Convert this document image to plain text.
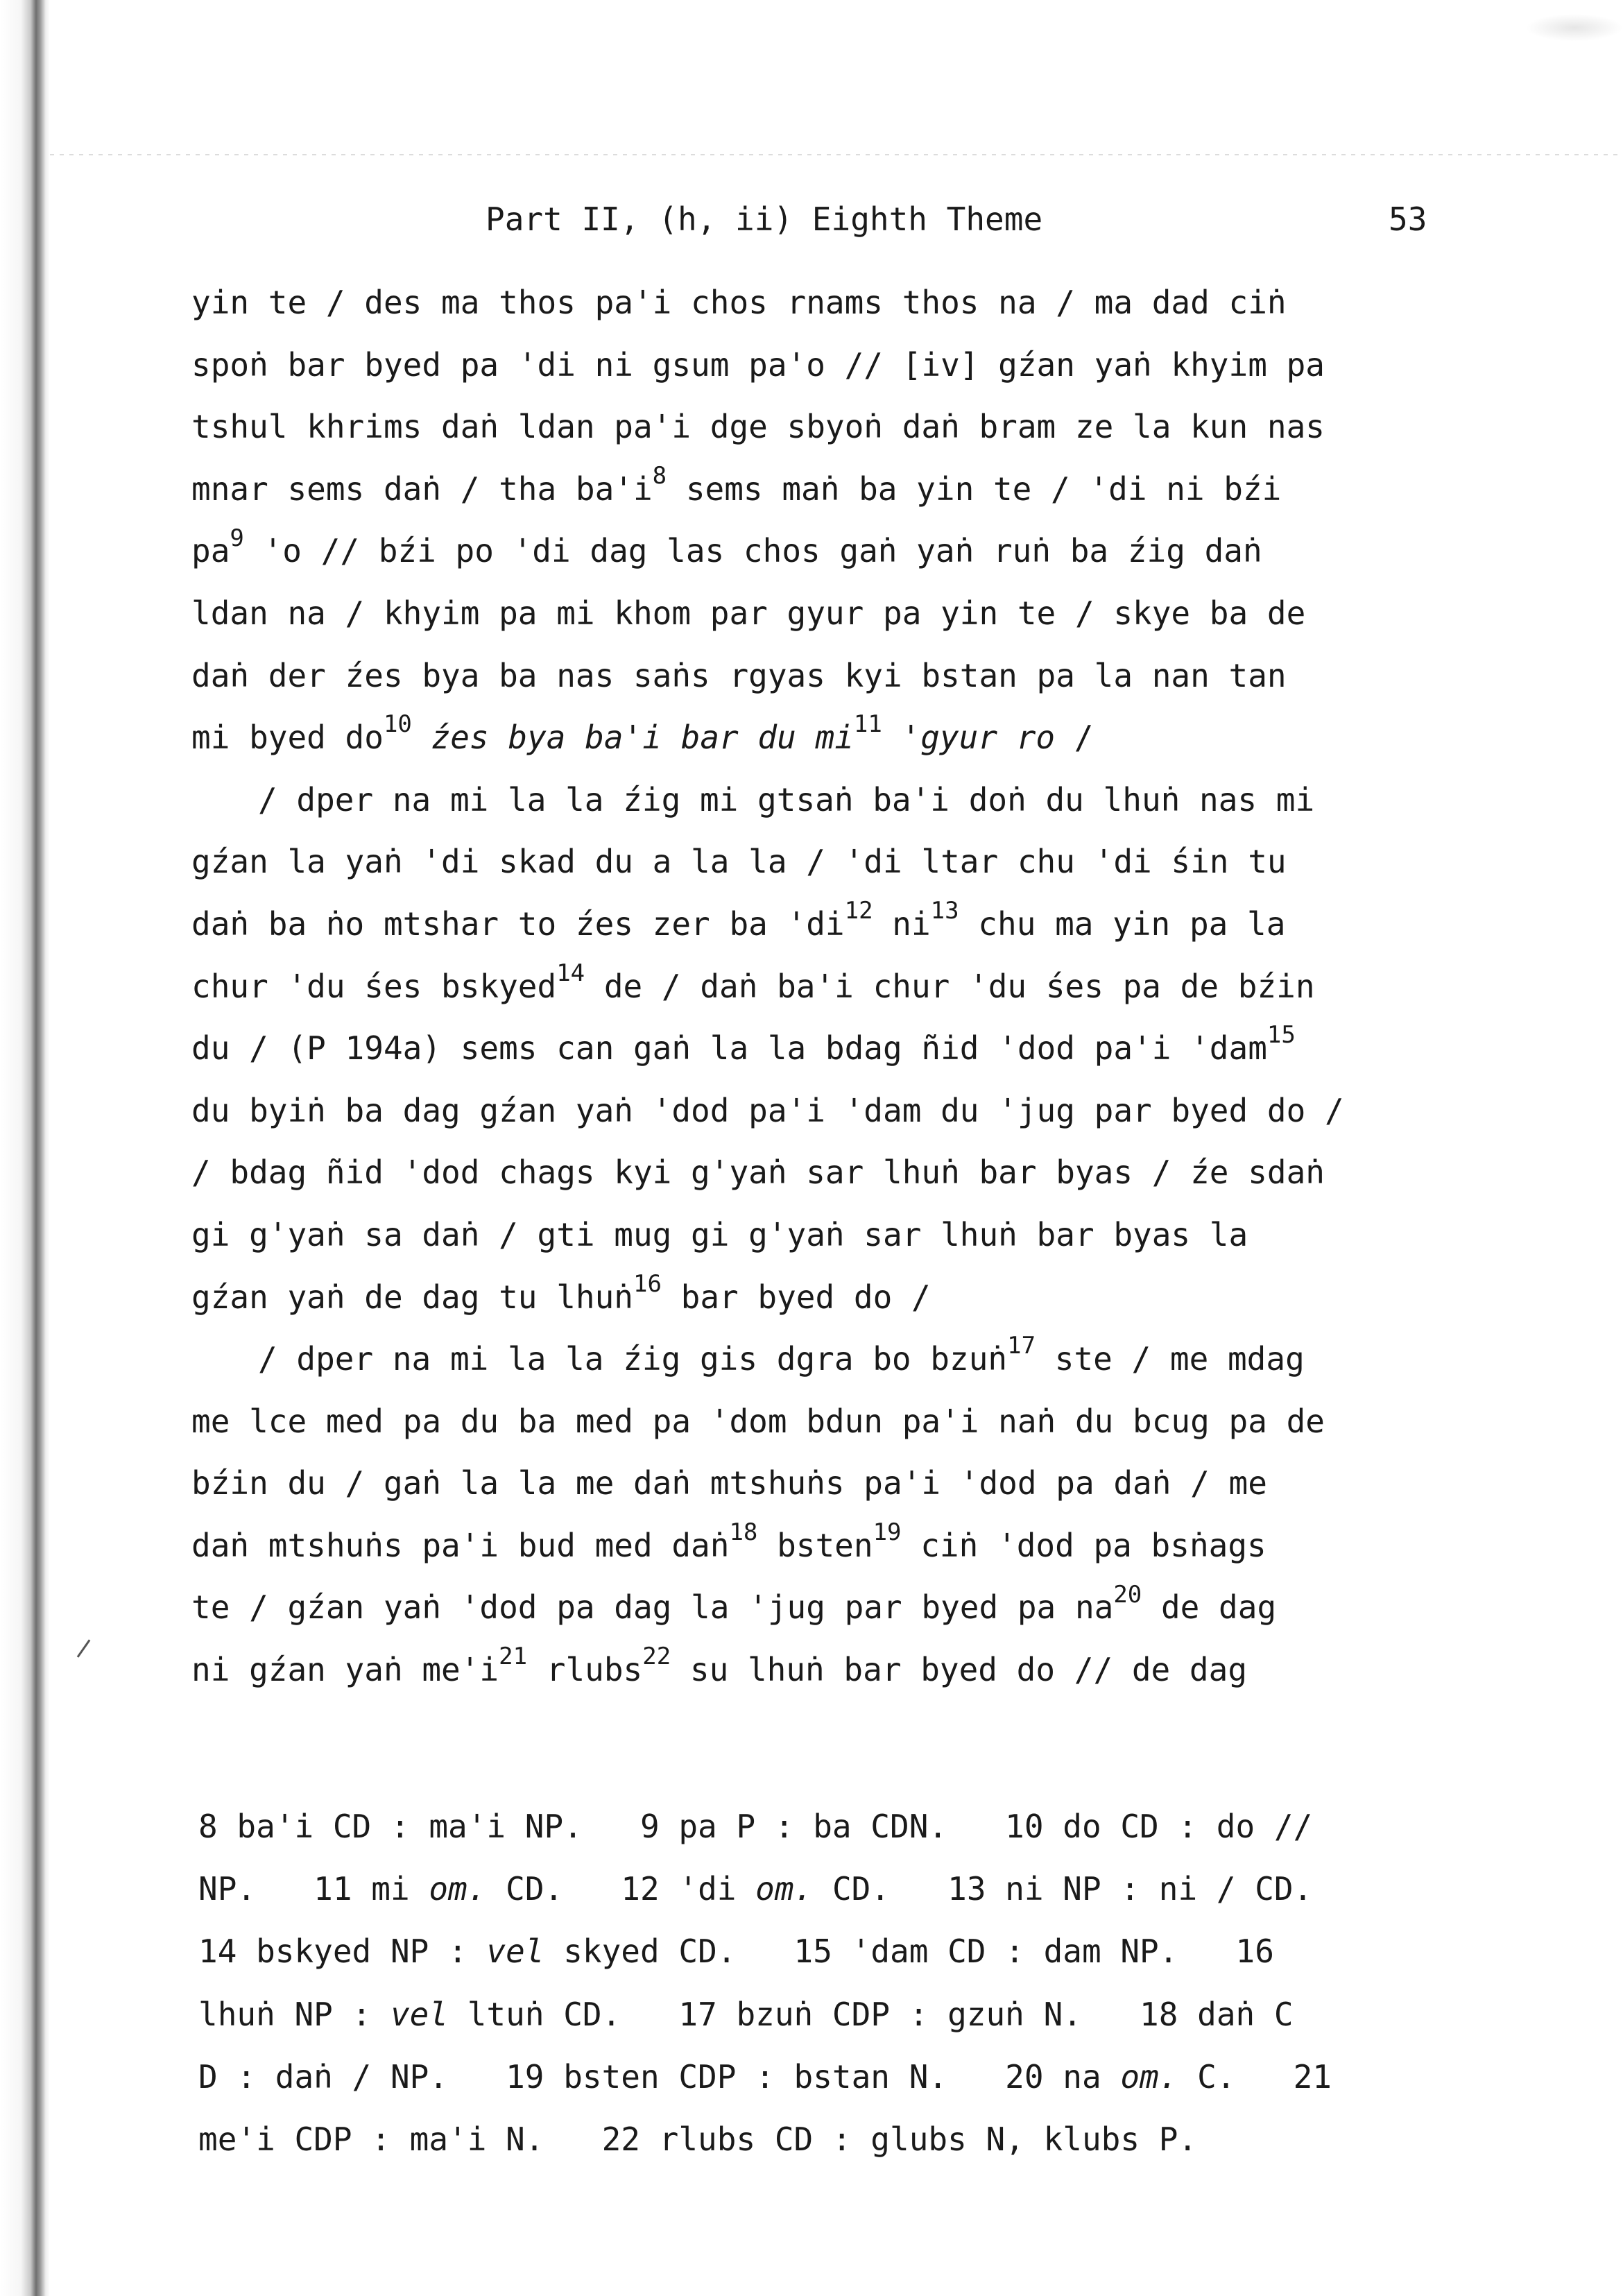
Part II, (h, ii) Eighth Theme	53
yin te / des ma thos pa'i chos rnams thos na / ma dad ciṅ
spoṅ bar byed pa 'di ni gsum pa'o // [iv] gźan yaṅ khyim pa
tshul khrims daṅ ldan pa'i dge sbyoṅ daṅ bram ze la kun nas
mnar sems daṅ / tha $ba'i^8$ sems maṅ ba yin te / 'di ni bźi
$pa^9$ 'o // bźi po 'di dag las chos gaṅ yaṅ ruṅ ba źig daṅ
ldan na / khyim pa mi khom par gyur pa yin te / skye ba de
daṅ der źes bya ba nas saṅs rgyas kyi bstan pa la nan tan
mi byed $do^{10}$ źes bya ba'i bar du $mi^{11}$ 'gyur ro /
/ dper na mi la la źig mi gtsaṅ ba'i doṅ du lhuṅ nas mi
gźan la yaṅ 'di skad du a la la / 'di ltar chu 'di śin tu
daṅ ba ṅo mtshar to źes zer ba '$di^{12}$ $ni^{13}$ chu ma yin pa la
chur 'du śes bskyed$^{14}$ de / daṅ ba'i chur 'du śes pa de bźin
du / (P 194a) sems can gaṅ la la bdag ñid 'dod pa'i 'dam$^{15}$
du byiṅ ba dag gźan yaṅ 'dod pa'i 'dam du 'jug par byed do /
/ bdag ñid 'dod chags kyi g'yaṅ sar lhuṅ bar byas / źe sdaṅ
gi g'yaṅ sa daṅ / gti mug gi g'yaṅ sar lhuṅ bar byas la
gźan yaṅ de dag tu lhuṅ$^{16}$ bar byed do /
/ dper na mi la la źig gis dgra bo bzuṅ$^{17}$ ste / me mdag
me lce med pa du ba med pa 'dom bdun pa'i naṅ du bcug pa de
bźin du / gaṅ la la me daṅ mtshuṅs pa'i 'dod pa daṅ / me
daṅ mtshuṅs pa'i bud med daṅ$^{18}$ bsten$^{19}$ ciṅ 'dod pa bsṅags
te / gźan yaṅ 'dod pa dag la 'jug par byed pa $na^{20}$ de dag
ni gźan yaṅ $me'i^{21}$ rlubs$^{22}$ su lhuṅ bar byed do // de dag
8 ba'i CD : ma'i NP.   9 pa P : ba CDN.   10 do CD : do //
NP.   11 mi om. CD.   12 'di om. CD.   13 ni NP : ni / CD.
14 bskyed NP : vel skyed CD.   15 'dam CD : dam NP.   16
lhuṅ NP : vel ltuṅ CD.   17 bzuṅ CDP : gzuṅ N.   18 daṅ C
D : daṅ / NP.   19 bsten CDP : bstan N.   20 na om. C.   21
me'i CDP : ma'i N.   22 rlubs CD : glubs N, klubs P.
